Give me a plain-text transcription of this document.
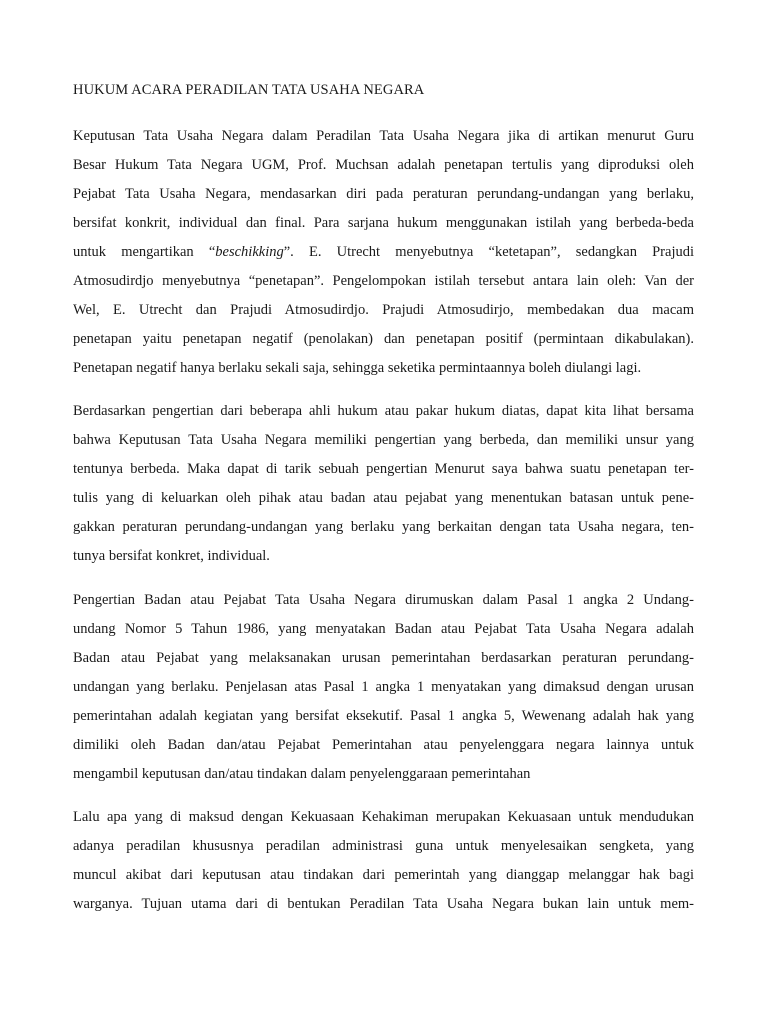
HUKUM ACARA PERADILAN TATA USAHA NEGARA
Keputusan Tata Usaha Negara dalam Peradilan Tata Usaha Negara jika di artikan menurut Guru
Besar Hukum Tata Negara UGM, Prof. Muchsan adalah penetapan tertulis yang diproduksi oleh
Pejabat Tata Usaha Negara, mendasarkan diri pada peraturan perundang-undangan yang berlaku,
bersifat konkrit, individual dan final. Para sarjana hukum menggunakan istilah yang berbeda-beda
untuk mengartikan “beschikking”. E. Utrecht menyebutnya “ketetapan”, sedangkan Prajudi
Atmosudirdjo menyebutnya “penetapan”. Pengelompokan istilah tersebut antara lain oleh: Van der
Wel, E. Utrecht dan Prajudi Atmosudirdjo. Prajudi Atmosudirjo, membedakan dua macam
penetapan yaitu penetapan negatif (penolakan) dan penetapan positif (permintaan dikabulakan).
Penetapan negatif hanya berlaku sekali saja, sehingga seketika permintaannya boleh diulangi lagi.
Berdasarkan pengertian dari beberapa ahli hukum atau pakar hukum diatas, dapat kita lihat bersama
bahwa Keputusan Tata Usaha Negara memiliki pengertian yang berbeda, dan memiliki unsur yang
tentunya berbeda. Maka dapat di tarik sebuah pengertian Menurut saya bahwa suatu penetapan ter-
tulis yang di keluarkan oleh pihak atau badan atau pejabat yang menentukan batasan untuk pene-
gakkan peraturan perundang-undangan yang berlaku yang berkaitan dengan tata Usaha negara, ten-
tunya bersifat konkret, individual.
Pengertian Badan atau Pejabat Tata Usaha Negara dirumuskan dalam Pasal 1 angka 2 Undang-
undang Nomor 5 Tahun 1986, yang menyatakan Badan atau Pejabat Tata Usaha Negara adalah
Badan atau Pejabat yang melaksanakan urusan pemerintahan berdasarkan peraturan perundang-
undangan yang berlaku. Penjelasan atas Pasal 1 angka 1 menyatakan yang dimaksud dengan urusan
pemerintahan adalah kegiatan yang bersifat eksekutif. Pasal 1 angka 5, Wewenang adalah hak yang
dimiliki oleh Badan dan/atau Pejabat Pemerintahan atau penyelenggara negara lainnya untuk
mengambil keputusan dan/atau tindakan dalam penyelenggaraan pemerintahan
Lalu apa yang di maksud dengan Kekuasaan Kehakiman merupakan Kekuasaan untuk mendudukan
adanya peradilan khususnya peradilan administrasi guna untuk menyelesaikan sengketa, yang
muncul akibat dari keputusan atau tindakan dari pemerintah yang dianggap melanggar hak bagi
warganya. Tujuan utama dari di bentukan Peradilan Tata Usaha Negara bukan lain untuk mem-
